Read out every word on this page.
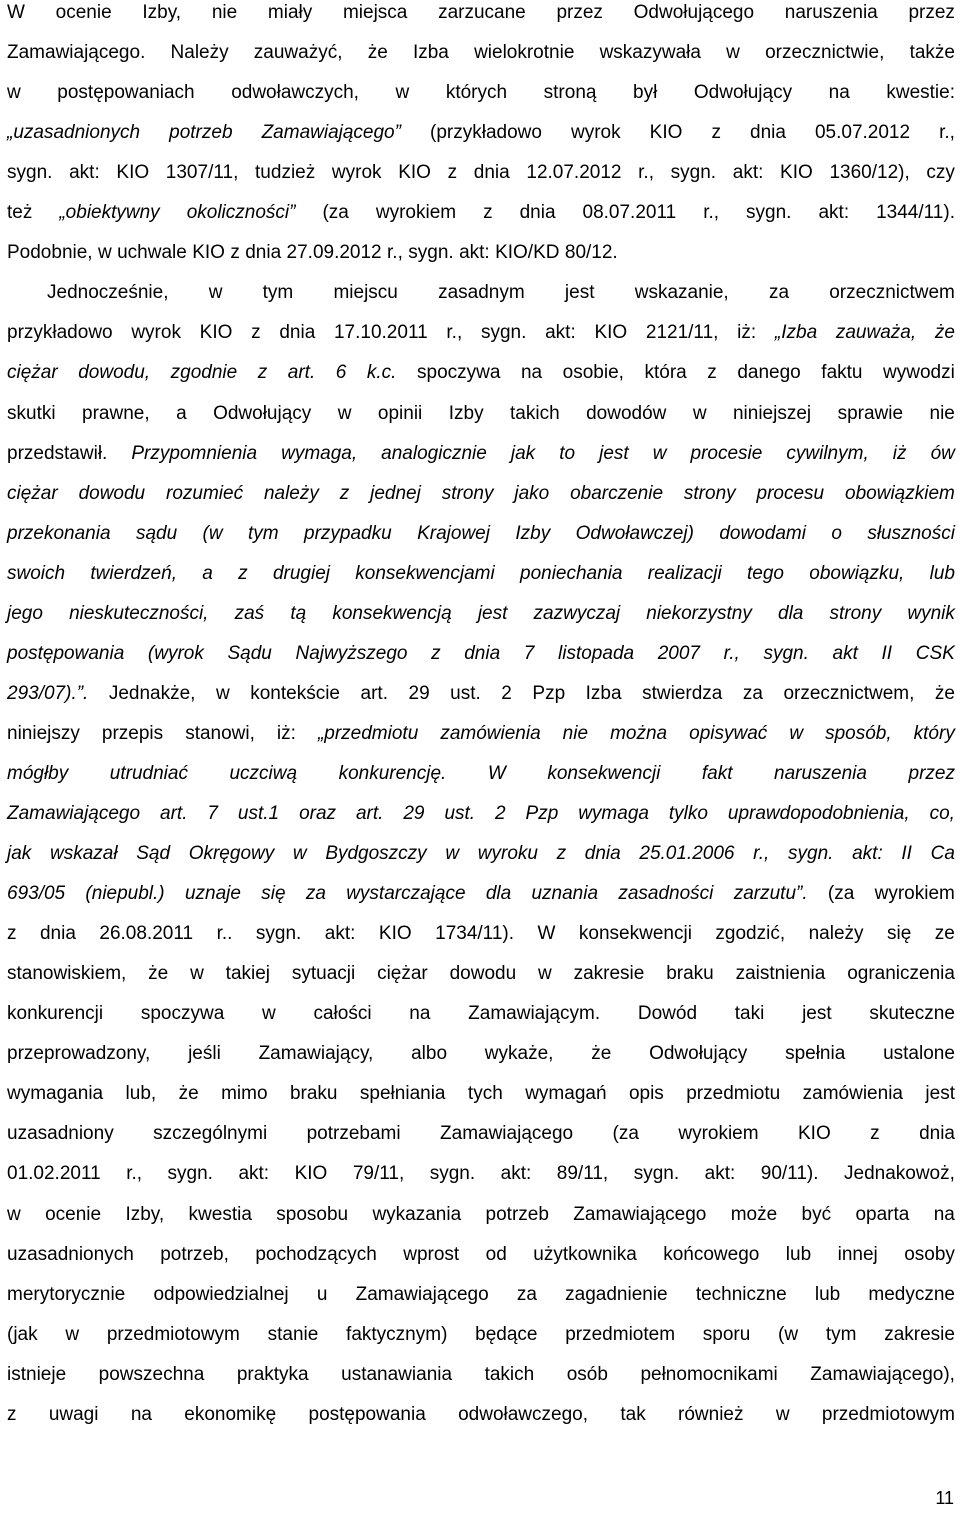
W ocenie Izby, nie miały miejsca zarzucane przez Odwołującego naruszenia przez
Zamawiającego. Należy zauważyć, że Izba wielokrotnie wskazywała w orzecznictwie, także
w postępowaniach odwoławczych, w których stroną był Odwołujący na kwestie:
„uzasadnionych potrzeb Zamawiającego” (przykładowo wyrok KIO z dnia 05.07.2012 r.,
sygn. akt: KIO 1307/11, tudzież wyrok KIO z dnia 12.07.2012 r., sygn. akt: KIO 1360/12), czy
też „obiektywny okoliczności” (za wyrokiem z dnia 08.07.2011 r., sygn. akt: 1344/11).
Podobnie, w uchwale KIO z dnia 27.09.2012 r., sygn. akt: KIO/KD 80/12.
Jednocześnie, w tym miejscu zasadnym jest wskazanie, za orzecznictwem
przykładowo wyrok KIO z dnia 17.10.2011 r., sygn. akt: KIO 2121/11, iż: „Izba zauważa, że
ciężar dowodu, zgodnie z art. 6 k.c. spoczywa na osobie, która z danego faktu wywodzi
skutki prawne, a Odwołujący w opinii Izby takich dowodów w niniejszej sprawie nie
przedstawił. Przypomnienia wymaga, analogicznie jak to jest w procesie cywilnym, iż ów
ciężar dowodu rozumieć należy z jednej strony jako obarczenie strony procesu obowiązkiem
przekonania sądu (w tym przypadku Krajowej Izby Odwoławczej) dowodami o słuszności
swoich twierdzeń, a z drugiej konsekwencjami poniechania realizacji tego obowiązku, lub
jego nieskuteczności, zaś tą konsekwencją jest zazwyczaj niekorzystny dla strony wynik
postępowania (wyrok Sądu Najwyższego z dnia 7 listopada 2007 r., sygn. akt II CSK
293/07).”. Jednakże, w kontekście art. 29 ust. 2 Pzp Izba stwierdza za orzecznictwem, że
niniejszy przepis stanowi, iż: „przedmiotu zamówienia nie można opisywać w sposób, który
mógłby utrudniać uczciwą konkurencję. W konsekwencji fakt naruszenia przez
Zamawiającego art. 7 ust.1 oraz art. 29 ust. 2 Pzp wymaga tylko uprawdopodobnienia, co,
jak wskazał Sąd Okręgowy w Bydgoszczy w wyroku z dnia 25.01.2006 r., sygn. akt: II Ca
693/05 (niepubl.) uznaje się za wystarczające dla uznania zasadności zarzutu”. (za wyrokiem
z dnia 26.08.2011 r.. sygn. akt: KIO 1734/11). W konsekwencji zgodzić, należy się ze
stanowiskiem, że w takiej sytuacji ciężar dowodu w zakresie braku zaistnienia ograniczenia
konkurencji spoczywa w całości na Zamawiającym. Dowód taki jest skuteczne
przeprowadzony, jeśli Zamawiający, albo wykaże, że Odwołujący spełnia ustalone
wymagania lub, że mimo braku spełniania tych wymagań opis przedmiotu zamówienia jest
uzasadniony szczególnymi potrzebami Zamawiającego (za wyrokiem KIO z dnia
01.02.2011 r., sygn. akt: KIO 79/11, sygn. akt: 89/11, sygn. akt: 90/11). Jednakowoż,
w ocenie Izby, kwestia sposobu wykazania potrzeb Zamawiającego może być oparta na
uzasadnionych potrzeb, pochodzących wprost od użytkownika końcowego lub innej osoby
merytorycznie odpowiedzialnej u Zamawiającego za zagadnienie techniczne lub medyczne
(jak w przedmiotowym stanie faktycznym) będące przedmiotem sporu (w tym zakresie
istnieje powszechna praktyka ustanawiania takich osób pełnomocnikami Zamawiającego),
z uwagi na ekonomikę postępowania odwoławczego, tak również w przedmiotowym
11
